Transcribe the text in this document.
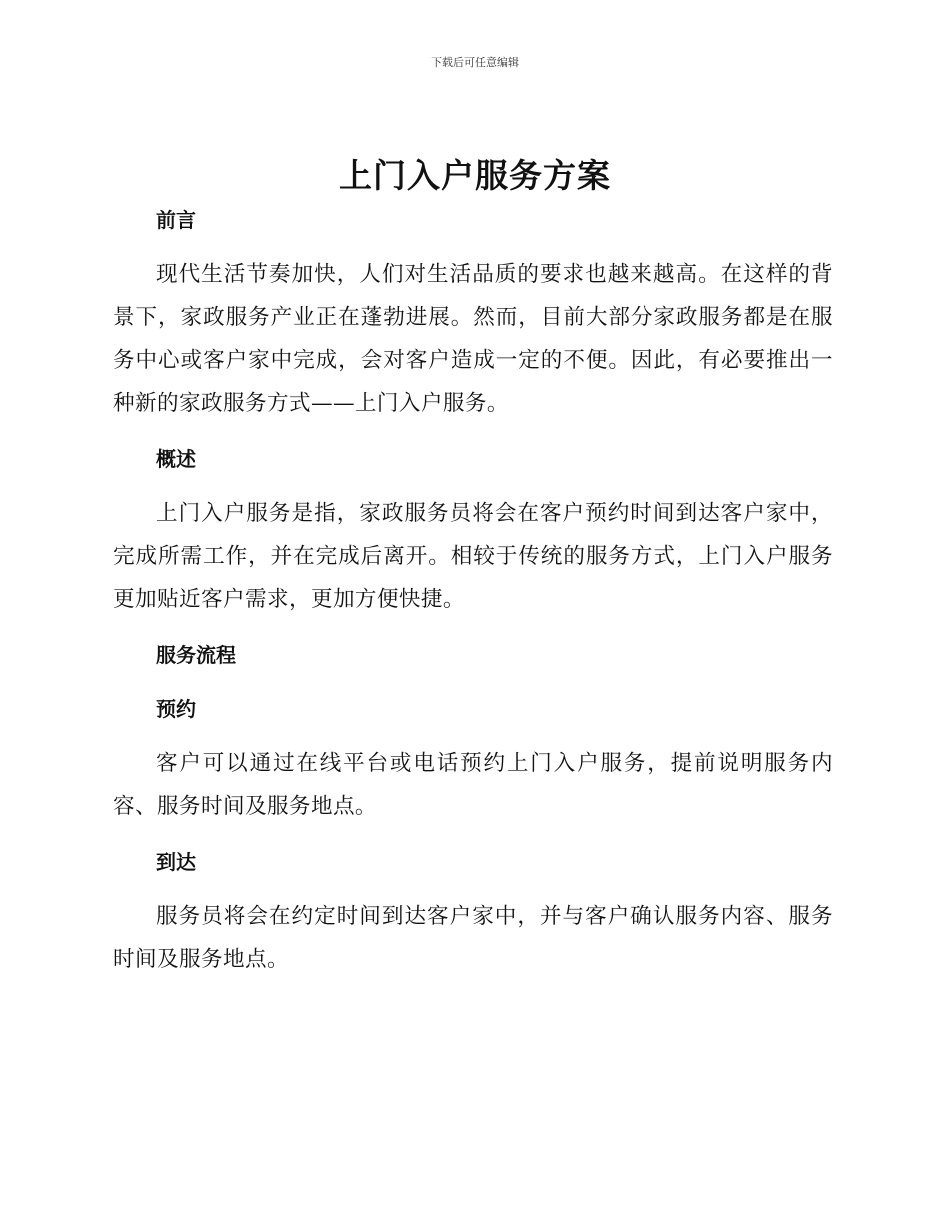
下载后可任意编辑
上门入户服务方案
前言

现代生活节奏加快，人们对生活品质的要求也越来越高。在这样的背景下，家政服务产业正在蓬勃进展。然而，目前大部分家政服务都是在服务中心或客户家中完成，会对客户造成一定的不便。因此，有必要推出一种新的家政服务方式——上门入户服务。

概述

上门入户服务是指，家政服务员将会在客户预约时间到达客户家中，完成所需工作，并在完成后离开。相较于传统的服务方式，上门入户服务更加贴近客户需求，更加方便快捷。

服务流程
预约

客户可以通过在线平台或电话预约上门入户服务，提前说明服务内容、服务时间及服务地点。

到达

服务员将会在约定时间到达客户家中，并与客户确认服务内容、服务时间及服务地点。
